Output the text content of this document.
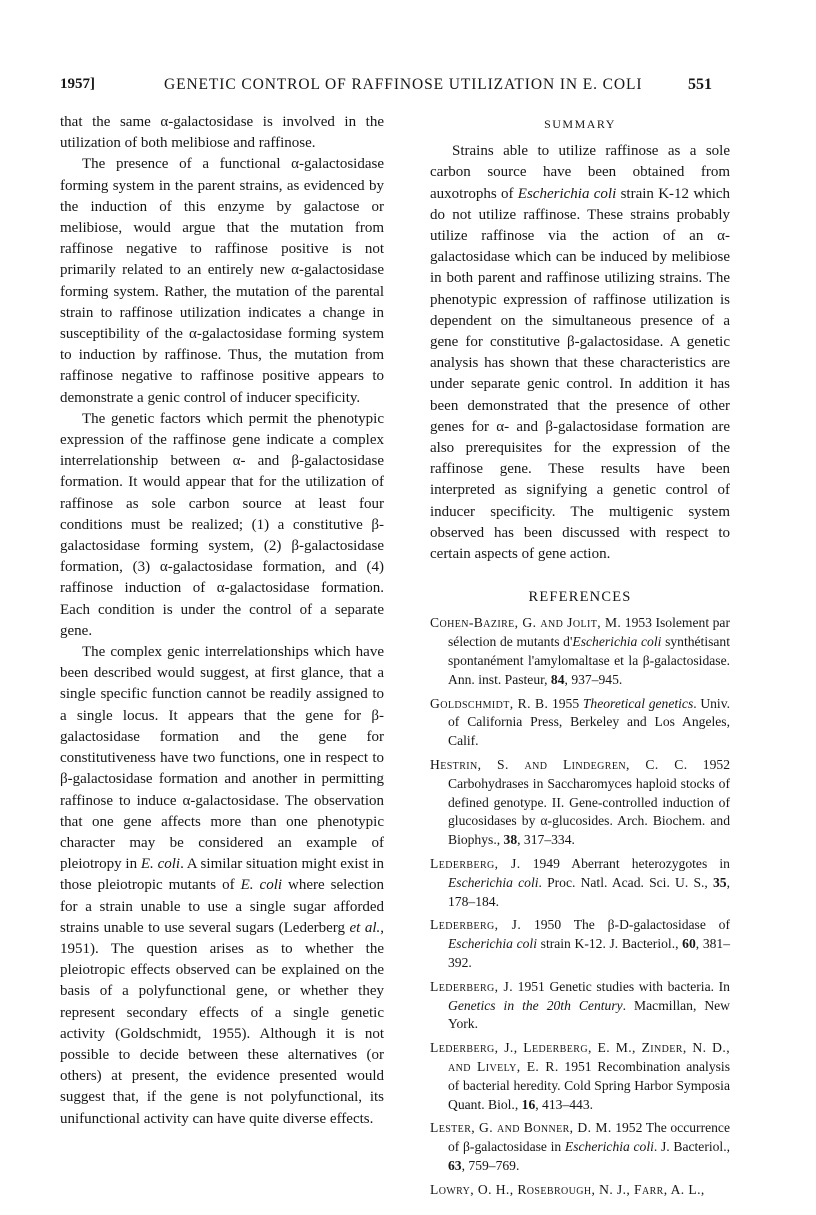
1957]	GENETIC CONTROL OF RAFFINOSE UTILIZATION IN E. COLI	551

that the same α-galactosidase is involved in the utilization of both melibiose and raffinose.

The presence of a functional α-galactosidase forming system in the parent strains, as evidenced by the induction of this enzyme by galactose or melibiose, would argue that the mutation from raffinose negative to raffinose positive is not primarily related to an entirely new α-galactosidase forming system. Rather, the mutation of the parental strain to raffinose utilization indicates a change in susceptibility of the α-galactosidase forming system to induction by raffinose. Thus, the mutation from raffinose negative to raffinose positive appears to demonstrate a genic control of inducer specificity.

The genetic factors which permit the phenotypic expression of the raffinose gene indicate a complex interrelationship between α- and β-galactosidase formation. It would appear that for the utilization of raffinose as sole carbon source at least four conditions must be realized; (1) a constitutive β-galactosidase forming system, (2) β-galactosidase formation, (3) α-galactosidase formation, and (4) raffinose induction of α-galactosidase formation. Each condition is under the control of a separate gene.

The complex genic interrelationships which have been described would suggest, at first glance, that a single specific function cannot be readily assigned to a single locus. It appears that the gene for β-galactosidase formation and the gene for constitutiveness have two functions, one in respect to β-galactosidase formation and another in permitting raffinose to induce α-galactosidase. The observation that one gene affects more than one phenotypic character may be considered an example of pleiotropy in E. coli. A similar situation might exist in those pleiotropic mutants of E. coli where selection for a strain unable to use a single sugar afforded strains unable to use several sugars (Lederberg et al., 1951). The question arises as to whether the pleiotropic effects observed can be explained on the basis of a polyfunctional gene, or whether they represent secondary effects of a single genetic activity (Goldschmidt, 1955). Although it is not possible to decide between these alternatives (or others) at present, the evidence presented would suggest that, if the gene is not polyfunctional, its unifunctional activity can have quite diverse effects.

SUMMARY

Strains able to utilize raffinose as a sole carbon source have been obtained from auxotrophs of Escherichia coli strain K-12 which do not utilize raffinose. These strains probably utilize raffinose via the action of an α-galactosidase which can be induced by melibiose in both parent and raffinose utilizing strains. The phenotypic expression of raffinose utilization is dependent on the simultaneous presence of a gene for constitutive β-galactosidase. A genetic analysis has shown that these characteristics are under separate genic control. In addition it has been demonstrated that the presence of other genes for α- and β-galactosidase formation are also prerequisites for the expression of the raffinose gene. These results have been interpreted as signifying a genetic control of inducer specificity. The multigenic system observed has been discussed with respect to certain aspects of gene action.

REFERENCES
Cohen-Bazire, G. and Jolit, M. 1953 Isolement par sélection de mutants d'Escherichia coli synthétisant spontanément l'amylomaltase et la β-galactosidase. Ann. inst. Pasteur, 84, 937–945.
Goldschmidt, R. B. 1955 Theoretical genetics. Univ. of California Press, Berkeley and Los Angeles, Calif.
Hestrin, S. and Lindegren, C. C. 1952 Carbohydrases in Saccharomyces haploid stocks of defined genotype. II. Gene-controlled induction of glucosidases by α-glucosides. Arch. Biochem. and Biophys., 38, 317–334.
Lederberg, J. 1949 Aberrant heterozygotes in Escherichia coli. Proc. Natl. Acad. Sci. U. S., 35, 178–184.
Lederberg, J. 1950 The β-D-galactosidase of Escherichia coli strain K-12. J. Bacteriol., 60, 381–392.
Lederberg, J. 1951 Genetic studies with bacteria. In Genetics in the 20th Century. Macmillan, New York.
Lederberg, J., Lederberg, E. M., Zinder, N. D., and Lively, E. R. 1951 Recombination analysis of bacterial heredity. Cold Spring Harbor Symposia Quant. Biol., 16, 413–443.
Lester, G. and Bonner, D. M. 1952 The occurrence of β-galactosidase in Escherichia coli. J. Bacteriol., 63, 759–769.
Lowry, O. H., Rosebrough, N. J., Farr, A. L.,
